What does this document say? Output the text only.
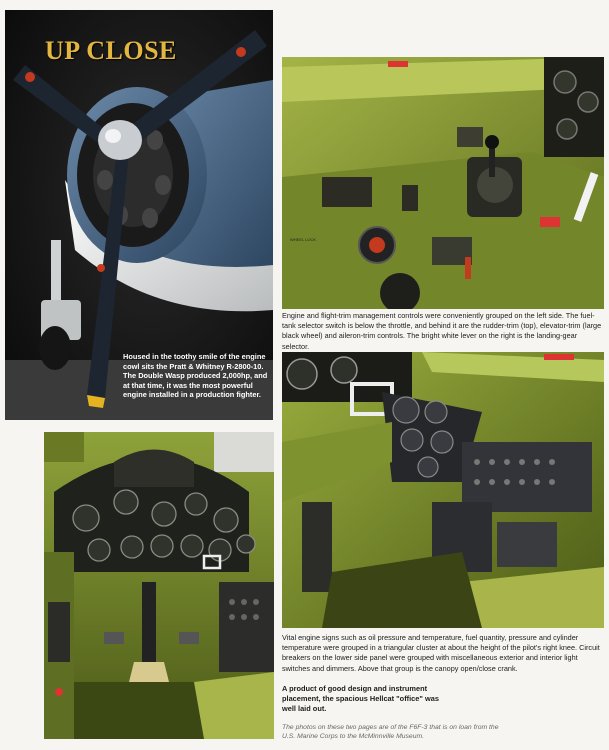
UP CLOSE
Housed in the toothy smile of the engine cowl sits the Pratt & Whitney R-2800-10. The Double Wasp produced 2,000hp, and at that time, it was the most powerful engine installed in a production fighter.
WHEEL LOCK
Engine and flight-trim management controls were conveniently grouped on the left side. The fuel-tank selector switch is below the throttle, and behind it are the rudder-trim (top), elevator-trim (large black wheel) and aileron-trim controls. The bright white lever on the right is the landing-gear selector.
Vital engine signs such as oil pressure and temperature, fuel quantity, pressure and cylinder temperature were grouped in a triangular cluster at about the height of the pilot's right knee. Circuit breakers on the lower side panel were grouped with miscellaneous exterior and interior light switches and dimmers. Above that group is the canopy open/close crank.
A product of good design and instrument placement, the spacious Hellcat "office" was well laid out.
The photos on these two pages are of the F6F-3 that is on loan from the U.S. Marine Corps to the McMinnville Museum.
